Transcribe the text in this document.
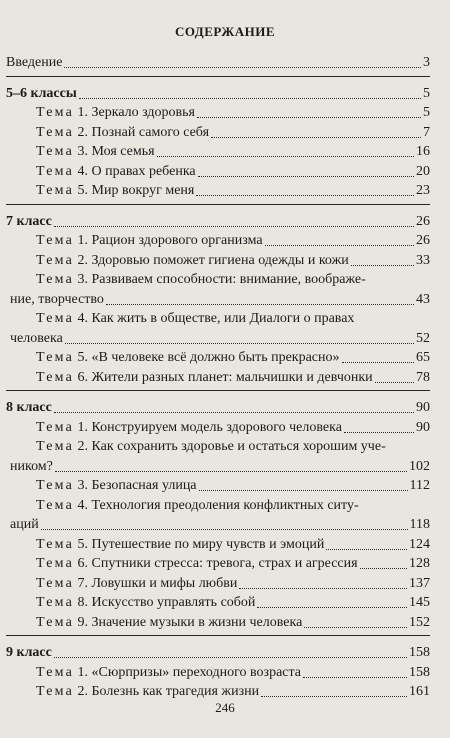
СОДЕРЖАНИЕ
Введение	3
5–6 классы	5
Тема 1. Зеркало здоровья	5
Тема 2. Познай самого себя	7
Тема 3. Моя семья	16
Тема 4. О правах ребенка	20
Тема 5. Мир вокруг меня	23
7 класс	26
Тема 1. Рацион здорового организма	26
Тема 2. Здоровью поможет гигиена одежды и кожи	33
Тема 3. Развиваем способности: внимание, воображе-
ние, творчество	43
Тема 4. Как жить в обществе, или Диалоги о правах
человека	52
Тема 5. «В человеке всё должно быть прекрасно»	65
Тема 6. Жители разных планет: мальчишки и девчонки	78
8 класс	90
Тема 1. Конструируем модель здорового человека	90
Тема 2. Как сохранить здоровье и остаться хорошим уче-
ником?	102
Тема 3. Безопасная улица	112
Тема 4. Технология преодоления конфликтных ситу-
аций	118
Тема 5. Путешествие по миру чувств и эмоций	124
Тема 6. Спутники стресса: тревога, страх и агрессия	128
Тема 7. Ловушки и мифы любви	137
Тема 8. Искусство управлять собой	145
Тема 9. Значение музыки в жизни человека	152
9 класс	158
Тема 1. «Сюрпризы» переходного возраста	158
Тема 2. Болезнь как трагедия жизни	161
246
